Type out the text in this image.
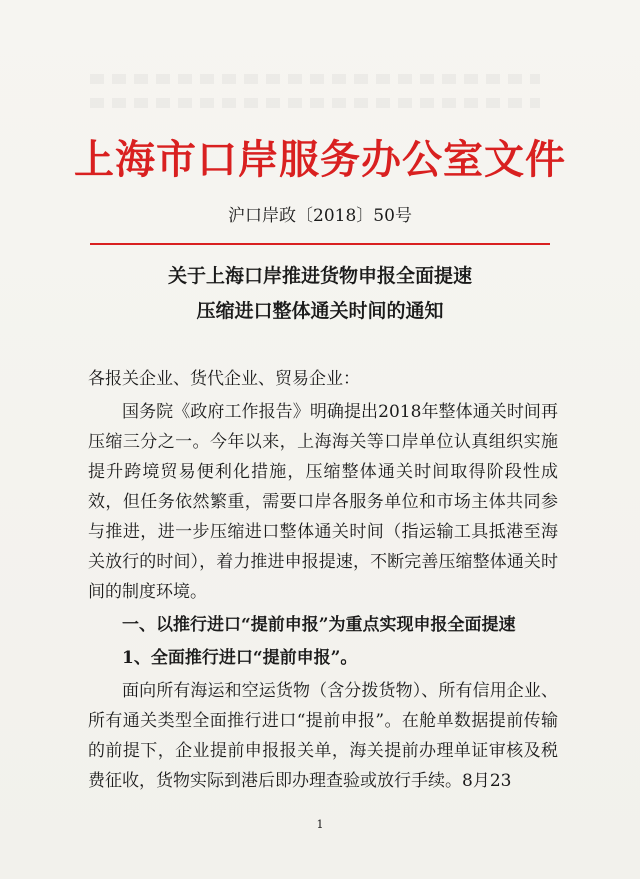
上海市口岸服务办公室文件
沪口岸政〔2018〕50号
关于上海口岸推进货物申报全面提速
压缩进口整体通关时间的通知

各报关企业、货代企业、贸易企业：

国务院《政府工作报告》明确提出2018年整体通关时间再压缩三分之一。今年以来，上海海关等口岸单位认真组织实施提升跨境贸易便利化措施，压缩整体通关时间取得阶段性成效，但任务依然繁重，需要口岸各服务单位和市场主体共同参与推进，进一步压缩进口整体通关时间（指运输工具抵港至海关放行的时间），着力推进申报提速，不断完善压缩整体通关时间的制度环境。

一、以推行进口“提前申报”为重点实现申报全面提速

1、全面推行进口“提前申报”。

面向所有海运和空运货物（含分拨货物）、所有信用企业、所有通关类型全面推行进口“提前申报”。在舱单数据提前传输的前提下，企业提前申报报关单，海关提前办理单证审核及税费征收，货物实际到港后即办理查验或放行手续。8月23

1
